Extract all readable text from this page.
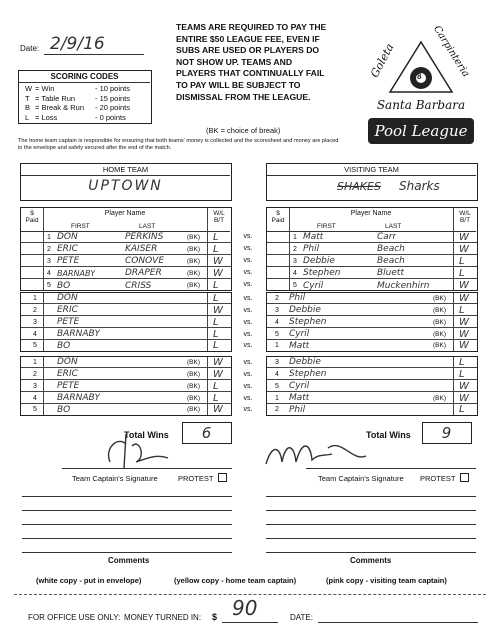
Date: 2/9/16
TEAMS ARE REQUIRED TO PAY THE
ENTIRE $50 LEAGUE FEE, EVEN IF
SUBS ARE USED OR PLAYERS DO
NOT SHOW UP. TEAMS AND
PLAYERS THAT CONTINUALLY FAIL
TO PAY WILL BE SUBJECT TO
DISMISSAL FROM THE LEAGUE.
Goleta	Carpinteria
8
Santa Barbara
Pool League
SCORING CODES
W = Win	- 10 points
T = Table Run	- 15 points
B = Break & Run - 20 points
L = Loss	- 0 points
(BK = choice of break)
The home team captain is responsible for ensuring that both teams' money is collected and the scoresheet and money are placed in the envelope and safely secured after the end of the match.
HOME TEAM
UPTOWN
VISITING TEAM
SHAKES Sharks
$
Paid
Player Name
FIRST	LAST
W/L
B/T
1 DON	PERKINS	(BK) L
2 ERIC	KAISER	(BK) L
3 PETE	CONOVE	(BK) W
4 BARNABY	DRAPER	(BK) W
5 BO	CRISS	(BK) L
vs.
vs.
vs.
vs.
vs.
$
Paid
Player Name
FIRST	LAST
W/L
B/T
1 Matt	Carr	W
2 Phil	Beach	W
3 Debbie	Beach	L
4 Stephen	Bluett	L
5 Cyril	Muckenhirn	W
1 DON	L
2 ERIC	W
3 PETE	L
4 BARNABY	L
5 BO	L
vs.
vs.
vs.
vs.
vs.
2 Phil	(BK) W
3 Debbie	(BK) L
4 Stephen	(BK) W
5 Cyril	(BK) W
1 Matt	(BK) W
1 DON	(BK) W
2 ERIC	(BK) W
3 PETE	(BK) L
4 BARNABY	(BK) L
5 BO	(BK) W
vs.
vs.
vs.
vs.
vs.
3 Debbie	L
4 Stephen	L
5 Cyril	W
1 Matt	(BK) W
2 Phil	L
Total Wins	6	Total Wins	9
Team Captain's Signature	PROTEST	Team Captain's Signature PROTEST
Comments	Comments
(white copy - put in envelope)	(yellow copy - home team captain)	(pink copy - visiting team captain)
FOR OFFICE USE ONLY: MONEY TURNED IN: $ 90	DATE:
